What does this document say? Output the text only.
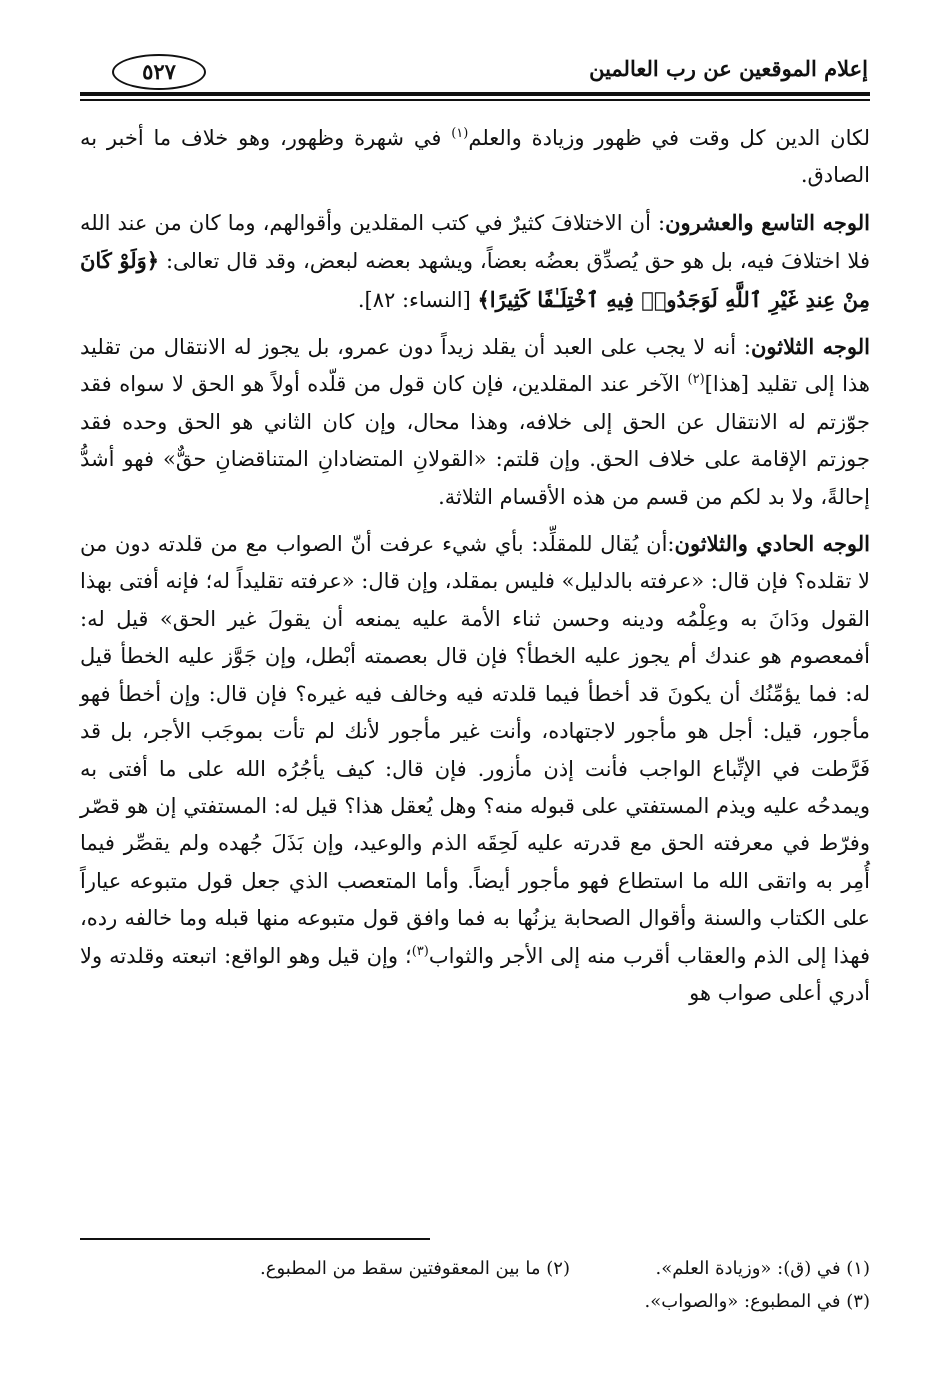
إعلام الموقعين عن رب العالمين
٥٢٧

لكان الدين كل وقت في ظهور وزيادة والعلم$^{(١)}$ في شهرة وظهور، وهو خلاف ما أخبر به الصادق.

الوجه التاسع والعشرون: أن الاختلافَ كثيرٌ في كتب المقلدين وأقوالهم، وما كان من عند الله فلا اختلافَ فيه، بل هو حق يُصدِّق بعضُه بعضاً، ويشهد بعضه لبعض، وقد قال تعالى: ﴿وَلَوْ كَانَ مِنْ عِندِ غَيْرِ ٱللَّهِ لَوَجَدُوا۟ فِيهِ ٱخْتِلَـٰفًا كَثِيرًا﴾ [النساء: ٨٢].

الوجه الثلاثون: أنه لا يجب على العبد أن يقلد زيداً دون عمرو، بل يجوز له الانتقال من تقليد هذا إلى تقليد [هذا]$^{(٢)}$ الآخر عند المقلدين، فإن كان قول من قلّده أولاً هو الحق لا سواه فقد جوّزتم له الانتقال عن الحق إلى خلافه، وهذا محال، وإن كان الثاني هو الحق وحده فقد جوزتم الإقامة على خلاف الحق. وإن قلتم: «القولانِ المتضادانِ المتناقضانِ حقٌّ» فهو أشدُّ إحالةً، ولا بد لكم من قسم من هذه الأقسام الثلاثة.

الوجه الحادي والثلاثون:أن يُقال للمقلِّد: بأي شيء عرفت أنّ الصواب مع من قلدته دون من لا تقلده؟ فإن قال: «عرفته بالدليل» فليس بمقلد، وإن قال: «عرفته تقليداً له؛ فإنه أفتى بهذا القول ودَانَ به وعِلْمُه ودينه وحسن ثناء الأمة عليه يمنعه أن يقولَ غير الحق» قيل له: أفمعصوم هو عندك أم يجوز عليه الخطأ؟ فإن قال بعصمته أبْطل، وإن جَوَّز عليه الخطأ قيل له: فما يؤمِّنُك أن يكونَ قد أخطأ فيما قلدته فيه وخالف فيه غيره؟ فإن قال: وإن أخطأ فهو مأجور، قيل: أجل هو مأجور لاجتهاده، وأنت غير مأجور لأنك لم تأت بموجَب الأجر، بل قد فَرَّطت في الإتِّباع الواجب فأنت إذن مأزور. فإن قال: كيف يأجُرُه الله على ما أفتى به ويمدحُه عليه ويذم المستفتي على قبوله منه؟ وهل يُعقل هذا؟ قيل له: المستفتي إن هو قصّر وفرّط في معرفته الحق مع قدرته عليه لَحِقَه الذم والوعيد، وإن بَذَلَ جُهده ولم يقصِّر فيما أُمِر به واتقى الله ما استطاع فهو مأجور أيضاً. وأما المتعصب الذي جعل قول متبوعه عياراً على الكتاب والسنة وأقوال الصحابة يزنُها به فما وافق قول متبوعه منها قبله وما خالفه رده، فهذا إلى الذم والعقاب أقرب منه إلى الأجر والثواب$^{(٣)}$؛ وإن قيل وهو الواقع: اتبعته وقلدته ولا أدري أعلى صواب هو

(١) في (ق): «وزيادة العلم».
(٢) ما بين المعقوفتين سقط من المطبوع.
(٣) في المطبوع: «والصواب».
